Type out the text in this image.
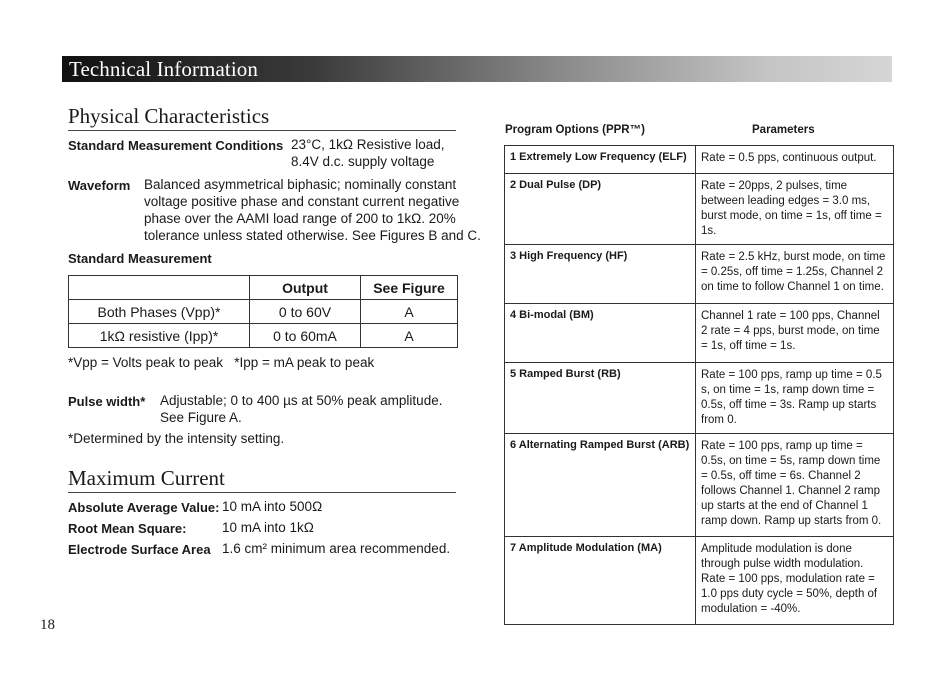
Technical Information
Physical Characteristics
Standard Measurement Conditions 23°C, 1kΩ Resistive load,
8.4V d.c. supply voltage
Waveform Balanced asymmetrical biphasic; nominally constant
voltage positive phase and constant current negative
phase over the AAMI load range of 200 to 1kΩ. 20%
tolerance unless stated otherwise. See Figures B and C.
Standard Measurement
	Output	See Figure
Both Phases (Vpp)*	0 to 60V	A
1kΩ resistive (Ipp)*	0 to 60mA	A
*Vpp = Volts peak to peak   *Ipp = mA peak to peak
Pulse width* Adjustable; 0 to 400 µs at 50% peak amplitude.
See Figure A.
*Determined by the intensity setting.
Maximum Current
Absolute Average Value: 10 mA into 500Ω
Root Mean Square:	10 mA into 1kΩ
Electrode Surface Area 1.6 cm² minimum area recommended.
Program Options (PPR™)	Parameters
1 Extremely Low Frequency (ELF)	Rate = 0.5 pps, continuous output.
2 Dual Pulse (DP)	Rate = 20pps, 2 pulses, time between leading edges = 3.0 ms, burst mode, on time = 1s, off time = 1s.
3 High Frequency (HF)	Rate = 2.5 kHz, burst mode, on time = 0.25s, off time = 1.25s, Channel 2 on time to follow Channel 1 on time.
4 Bi-modal (BM)	Channel 1 rate = 100 pps, Channel 2 rate = 4 pps, burst mode, on time = 1s, off time = 1s.
5 Ramped Burst (RB)	Rate = 100 pps, ramp up time = 0.5 s, on time = 1s, ramp down time = 0.5s, off time = 3s. Ramp up starts from 0.
6 Alternating Ramped Burst (ARB)	Rate = 100 pps, ramp up time = 0.5s, on time = 5s, ramp down time = 0.5s, off time = 6s. Channel 2 follows Channel 1. Channel 2 ramp up starts at the end of Channel 1 ramp down. Ramp up starts from 0.
7 Amplitude Modulation (MA)	Amplitude modulation is done through pulse width modulation. Rate = 100 pps, modulation rate = 1.0 pps duty cycle = 50%, depth of modulation = -40%.
18
